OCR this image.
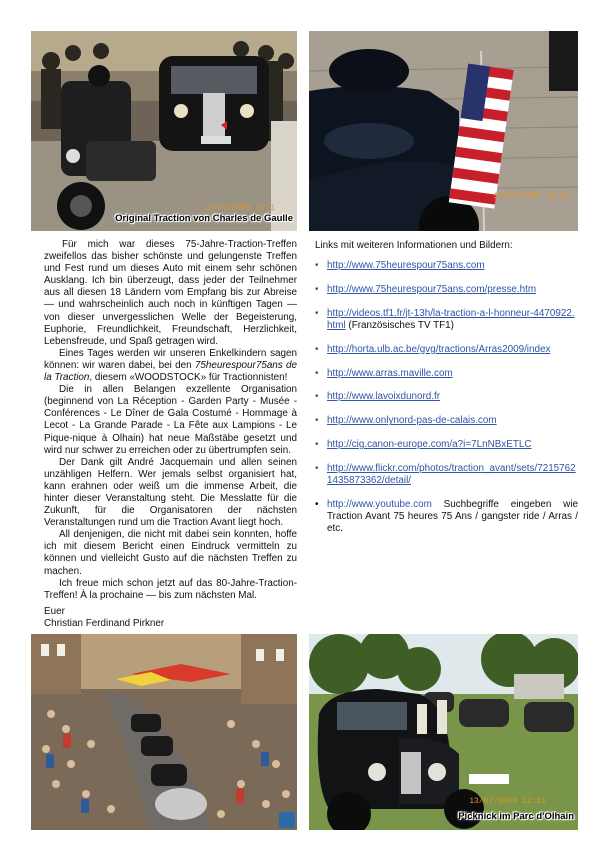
Original Traction von Charles de Gaulle
12/07/2009 17:1
12/07/2009 12:55

Für mich war dieses 75-Jahre-Traction-Treffen zweifellos das bisher schönste und gelungenste Treffen und Fest rund um dieses Auto mit einem sehr schönen Ausklang. Ich bin überzeugt, dass jeder der Teilnehmer aus all diesen 18 Ländern vom Empfang bis zur Abreise — und wahrscheinlich auch noch in künftigen Tagen — von dieser unvergesslichen Welle der Begeisterung, Euphorie, Freundlichkeit, Freundschaft, Herzlichkeit, Lebensfreude, und Spaß getragen wird.

Eines Tages werden wir unseren Enkelkindern sagen können: wir waren dabei, bei den 75heurespour75ans de la Traction, diesem «WOODSTOCK» für Tractionnisten!

Die in allen Belangen exzellente Organisation (beginnend von La Réception - Garden Party - Musée - Conférences - Le Dîner de Gala Costumé - Hommage à Lecot - La Grande Parade - La Fête aux Lampions - Le Pique-nique à Olhain) hat neue Maßstäbe gesetzt und wird nur schwer zu erreichen oder zu übertrumpfen sein.

Der Dank gilt André Jacquemain und allen seinen unzähligen Helfern. Wer jemals selbst organisiert hat, kann erahnen oder weiß um die immense Arbeit, die hinter dieser Veranstaltung steht. Die Messlatte für die Zukunft, für die Organisatoren der nächsten Veranstaltungen rund um die Traction Avant liegt hoch.

All denjenigen, die nicht mit dabei sein konnten, hoffe ich mit diesem Bericht einen Eindruck vermitteln zu können und vielleicht Gusto auf die nächsten Treffen zu machen.

Ich freue mich schon jetzt auf das 80-Jahre-Traction-Treffen! À la prochaine — bis zum nächsten Mal.

Euer
Christian Ferdinand Pirkner
Links mit weiteren Informationen und Bildern:
• http://www.75heurespour75ans.com
• http://www.75heurespour75ans.com/presse.htm
• http://videos.tf1.fr/jt-13h/la-traction-a-l-honneur-4470922.html (Französisches TV TF1)
• http://horta.ulb.ac.be/gvg/tractions/Arras2009/index
• http://www.arras.maville.com
• http://www.lavoixdunord.fr
• http://www.onlynord-pas-de-calais.com
• http://cig.canon-europe.com/a?i=7LnNBxETLC
• http://www.flickr.com/photos/traction_avant/sets/72157621435873362/detail/
• http://www.youtube.com Suchbegriffe eingeben wie Traction Avant 75 heures 75 Ans / gangster ride / Arras / etc.
Picknick im Parc d'Olhain
13/07/2009 12:51
